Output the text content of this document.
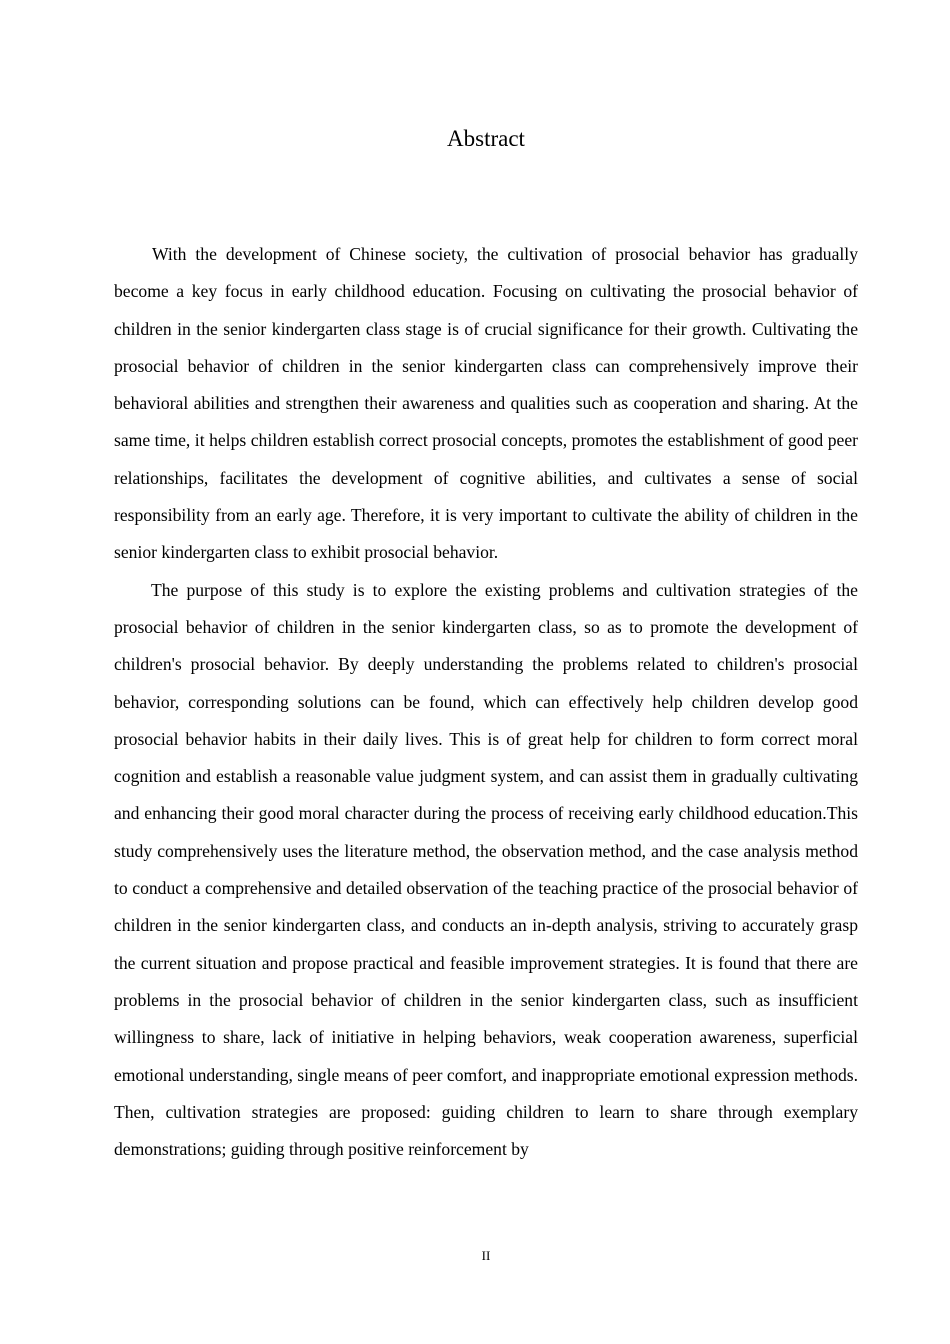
Abstract

With the development of Chinese society, the cultivation of prosocial behavior has gradually become a key focus in early childhood education. Focusing on cultivating the prosocial behavior of children in the senior kindergarten class stage is of crucial significance for their growth. Cultivating the prosocial behavior of children in the senior kindergarten class can comprehensively improve their behavioral abilities and strengthen their awareness and qualities such as cooperation and sharing. At the same time, it helps children establish correct prosocial concepts, promotes the establishment of good peer relationships, facilitates the development of cognitive abilities, and cultivates a sense of social responsibility from an early age. Therefore, it is very important to cultivate the ability of children in the senior kindergarten class to exhibit prosocial behavior.

The purpose of this study is to explore the existing problems and cultivation strategies of the prosocial behavior of children in the senior kindergarten class, so as to promote the development of children's prosocial behavior. By deeply understanding the problems related to children's prosocial behavior, corresponding solutions can be found, which can effectively help children develop good prosocial behavior habits in their daily lives. This is of great help for children to form correct moral cognition and establish a reasonable value judgment system, and can assist them in gradually cultivating and enhancing their good moral character during the process of receiving early childhood education.This study comprehensively uses the literature method, the observation method, and the case analysis method to conduct a comprehensive and detailed observation of the teaching practice of the prosocial behavior of children in the senior kindergarten class, and conducts an in-depth analysis, striving to accurately grasp the current situation and propose practical and feasible improvement strategies. It is found that there are problems in the prosocial behavior of children in the senior kindergarten class, such as insufficient willingness to share, lack of initiative in helping behaviors, weak cooperation awareness, superficial emotional understanding, single means of peer comfort, and inappropriate emotional expression methods. Then, cultivation strategies are proposed: guiding children to learn to share through exemplary demonstrations; guiding through positive reinforcement by

II
